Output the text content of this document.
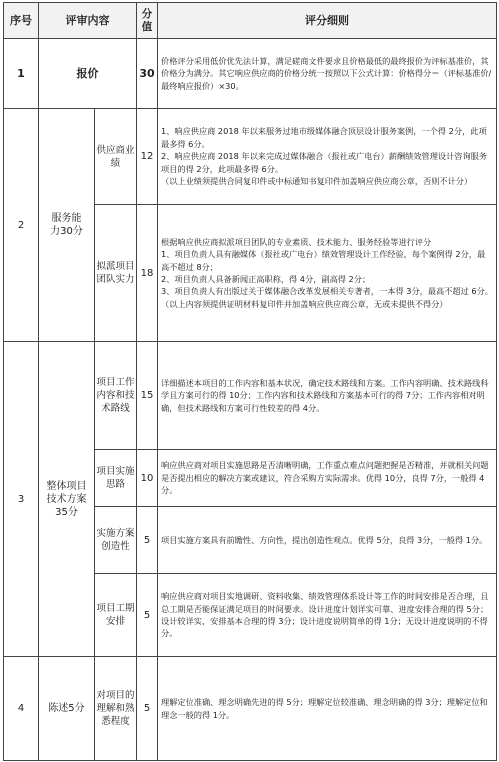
序号	评审内容		分值	评分细则
1	报价		30	价格评分采用低价优先法计算，满足磋商文件要求且价格最低的最终报价为评标基准价，其价格分为满分。其它响应供应商的价格分统一按照以下公式计算：价格得分＝（评标基准价/最终响应报价）×30。

2	服务能力30分	供应商业绩	12	1、响应供应商 2018 年以来服务过地市级媒体融合顶层设计服务案例，一个得 2分，此项最多得 6分。
2、响应供应商 2018 年以来完成过媒体融合（报社或广电台）薪酬绩效管理设计咨询服务项目的得 2分，此项最多得 6分。
（以上业绩须提供合同复印件或中标通知书复印件加盖响应供应商公章，否则不计分）

		拟派项目团队实力	18	根据响应供应商拟派项目团队的专业素质、技术能力、服务经验等进行评分
1、项目负责人具有融媒体（报社或广电台）绩效管理设计工作经验，每个案例得 2分，最高不超过 8分；
2、项目负责人具备新闻正高职称，得 4分，副高得 2分；
3、项目负责人有出版过关于媒体融合改革发展相关专著者，一本得 3分，最高不超过 6分。
（以上内容须提供证明材料复印件并加盖响应供应商公章，无或未提供不得分）

3	整体项目技术方案35分	项目工作内容和技术路线	15	详细描述本项目的工作内容和基本状况，确定技术路线和方案。工作内容明确、技术路线科学且方案可行的得 10分；工作内容和技术路线和方案基本可行的得 7分；工作内容相对明确，但技术路线和方案可行性较差的得 4分。

		项目实施思路	10	响应供应商对项目实施思路是否清晰明确，工作重点难点问题把握是否精准，并就相关问题是否提出相应的解决方案或建议，符合采购方实际需求。优得 10分，良得 7分，一般得 4分。

		实施方案创造性	5	项目实施方案具有前瞻性、方向性，提出创造性观点。优得 5分，良得 3分，一般得 1分。

		项目工期安排	5	响应供应商对项目实地调研、资料收集、绩效管理体系设计等工作的时间安排是否合理，且总工期是否能保证满足项目的时间要求。设计进度计划详实可靠、进度安排合理的得 5分；设计较详实，安排基本合理的得 3分；设计进度说明简单的得 1分；无设计进度说明的不得分。

4	陈述5分	对项目的理解和熟悉程度	5	理解定位准确、理念明确先进的得 5分；理解定位较准确、理念明确的得 3分；理解定位和理念一般的得 1分。
